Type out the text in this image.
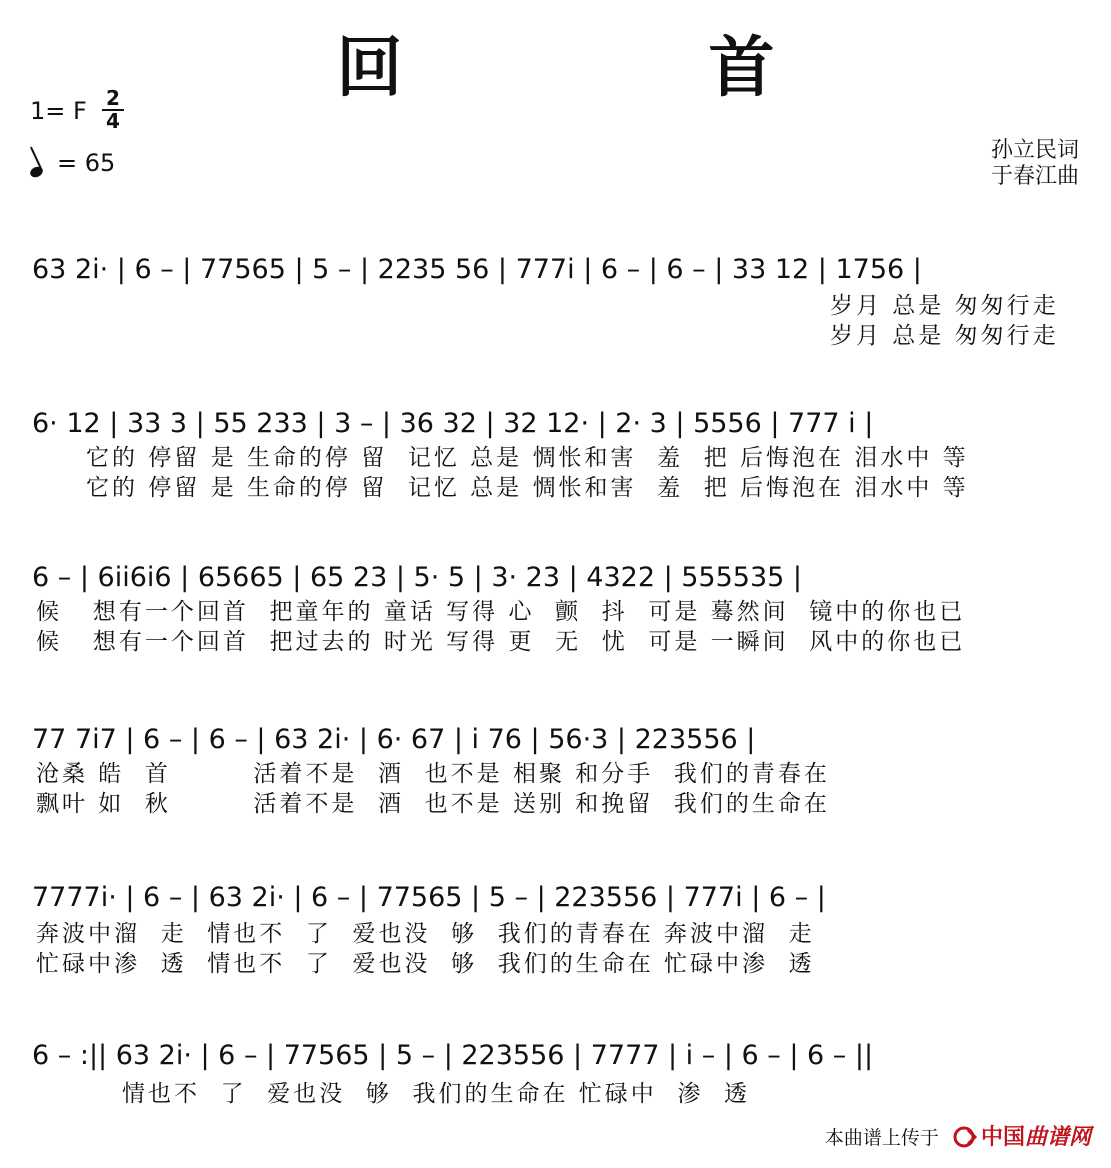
回　首
1= F $\frac{2}{4}$
= 65	孙立民词
于春江曲
63 2i· | 6 – | 77565 | 5 – | 2235 56 | 777i | 6 – | 6 – | 33 12 | 1756 |
岁月 总是 匆匆行走
岁月 总是 匆匆行走
6· 12 | 33 3 | 55 233 | 3 – | 36 32 | 32 12· | 2· 3 | 5556 | 777 i |
它的 停留 是 生命的停 留  记忆 总是 惆怅和害  羞  把 后悔泡在 泪水中 等
它的 停留 是 生命的停 留  记忆 总是 惆怅和害  羞  把 后悔泡在 泪水中 等
6 – | 6ii6i6 | 65665 | 65 23 | 5· 5 | 3· 23 | 4322 | 555535 |
候   想有一个回首  把童年的 童话 写得 心  颤  抖  可是 蓦然间  镜中的你也已
候   想有一个回首  把过去的 时光 写得 更  无  忧  可是 一瞬间  风中的你也已
77 7i7 | 6 – | 6 – | 63 2i· | 6· 67 | i 76 | 56·3 | 223556 |
沧桑 皓  首        活着不是  酒  也不是 相聚 和分手  我们的青春在
飘叶 如  秋        活着不是  酒  也不是 送别 和挽留  我们的生命在
7777i· | 6 – | 63 2i· | 6 – | 77565 | 5 – | 223556 | 777i | 6 – |
奔波中溜  走  情也不  了  爱也没  够  我们的青春在 奔波中溜  走
忙碌中渗  透  情也不  了  爱也没  够  我们的生命在 忙碌中渗  透
6 – :|| 63 2i· | 6 – | 77565 | 5 – | 223556 | 7777 | i – | 6 – | 6 – ||
情也不  了  爱也没  够  我们的生命在 忙碌中  渗  透
本曲谱上传于 中国曲谱网
